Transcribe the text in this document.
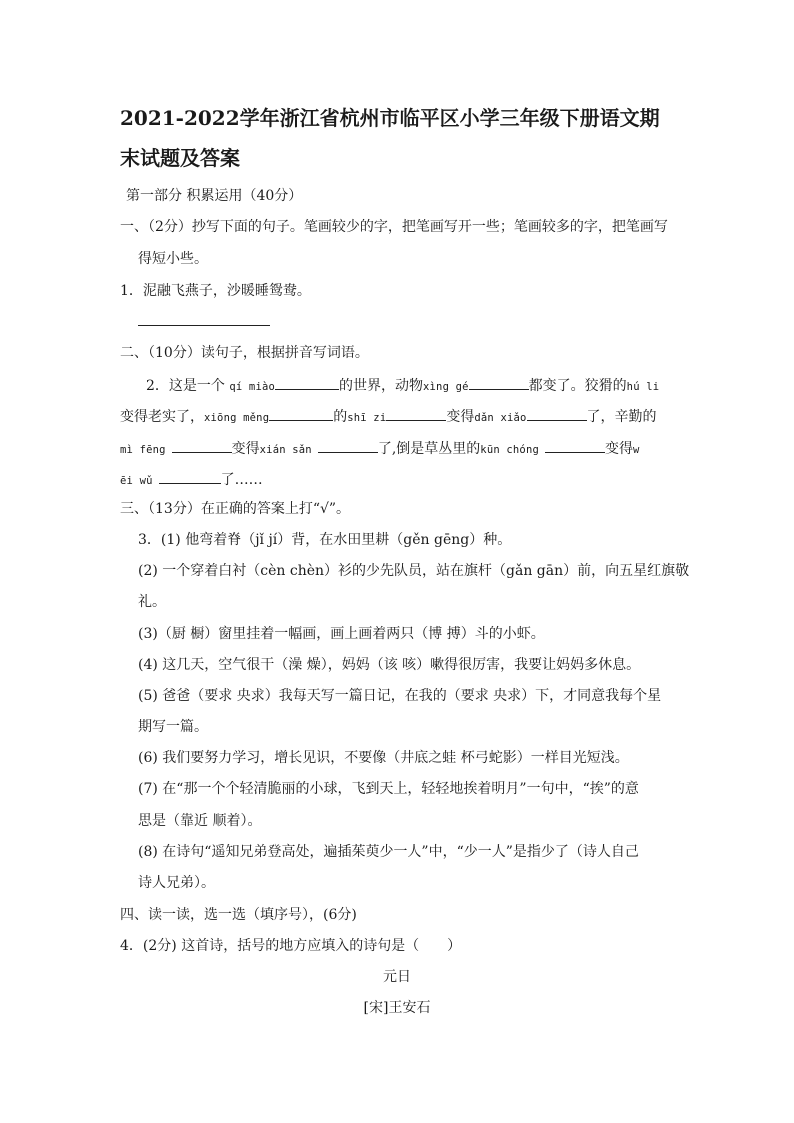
2021-2022学年浙江省杭州市临平区小学三年级下册语文期
末试题及答案
第一部分 积累运用（40分）
一、（2分）抄写下面的句子。笔画较少的字，把笔画写开一些；笔画较多的字，把笔画写
得短小些。
1．泥融飞燕子，沙暖睡鸳鸯。
二、（10分）读句子，根据拼音写词语。
2．这是一个 qí miào	的世界，动物xìng gé	都变了。狡猾的hú li
变得老实了，xiōng měng	的shī zi	变得dǎn xiǎo	了，辛勤的
mì fēng	变得xián sǎn	了,倒是草丛里的kūn chóng	变得w
ēi wǔ	了……
三、（13分）在正确的答案上打“√”。
3．(1) 他弯着脊（jǐ jí）背，在水田里耕（gěn gēng）种。
(2) 一个穿着白衬（cèn chèn）衫的少先队员，站在旗杆（gǎn gān）前，向五星红旗敬
礼。
(3)（厨 橱）窗里挂着一幅画，画上画着两只（博 搏）斗的小虾。
(4) 这几天，空气很干（澡 燥），妈妈（该 咳）嗽得很厉害，我要让妈妈多休息。
(5) 爸爸（要求 央求）我每天写一篇日记，在我的（要求 央求）下，才同意我每个星
期写一篇。
(6) 我们要努力学习，增长见识，不要像（井底之蛙 杯弓蛇影）一样目光短浅。
(7) 在“那一个个轻清脆丽的小球，飞到天上，轻轻地挨着明月”一句中，“挨”的意
思是（靠近 顺着）。
(8) 在诗句“遥知兄弟登高处，遍插茱萸少一人”中，“少一人”是指少了（诗人自己
诗人兄弟）。
四、读一读，选一选（填序号），(6分)
4．(2分) 这首诗，括号的地方应填入的诗句是（　　）
元日
[宋]王安石
